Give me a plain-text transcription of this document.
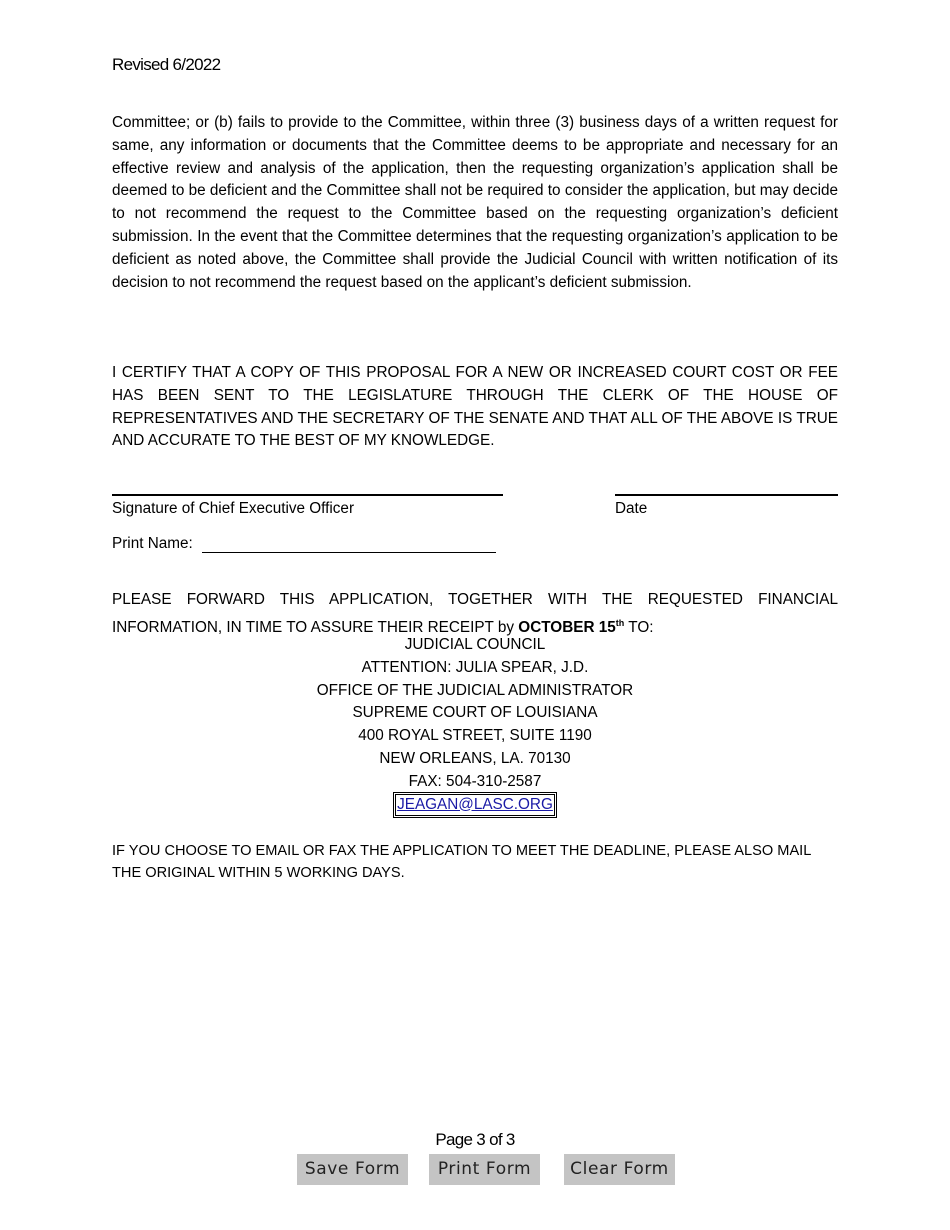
Revised 6/2022
Committee; or (b) fails to provide to the Committee, within three (3) business days of a written request for same, any information or documents that the Committee deems to be appropriate and necessary for an effective review and analysis of the application, then the requesting organization’s application shall be deemed to be deficient and the Committee shall not be required to consider the application, but may decide to not recommend the request to the Committee based on the requesting organization’s deficient submission. In the event that the Committee determines that the requesting organization’s application to be deficient as noted above, the Committee shall provide the Judicial Council with written notification of its decision to not recommend the request based on the applicant’s deficient submission.
I CERTIFY THAT A COPY OF THIS PROPOSAL FOR A NEW OR INCREASED COURT COST OR FEE HAS BEEN SENT TO THE LEGISLATURE THROUGH THE CLERK OF THE HOUSE OF REPRESENTATIVES AND THE SECRETARY OF THE SENATE AND THAT ALL OF THE ABOVE IS TRUE AND ACCURATE TO THE BEST OF MY KNOWLEDGE.
Signature of Chief Executive Officer	Date
Print Name:
PLEASE FORWARD THIS APPLICATION, TOGETHER WITH THE REQUESTED FINANCIAL
INFORMATION, IN TIME TO ASSURE THEIR RECEIPT by OCTOBER 15th TO:
JUDICIAL COUNCIL
ATTENTION: JULIA SPEAR, J.D.
OFFICE OF THE JUDICIAL ADMINISTRATOR
SUPREME COURT OF LOUISIANA
400 ROYAL STREET, SUITE 1190
NEW ORLEANS, LA. 70130
FAX: 504-310-2587
JEAGAN@LASC.ORG
IF YOU CHOOSE TO EMAIL OR FAX THE APPLICATION TO MEET THE DEADLINE, PLEASE ALSO MAIL
THE ORIGINAL WITHIN 5 WORKING DAYS.
Page 3 of 3
Save Form	Print Form	Clear Form
